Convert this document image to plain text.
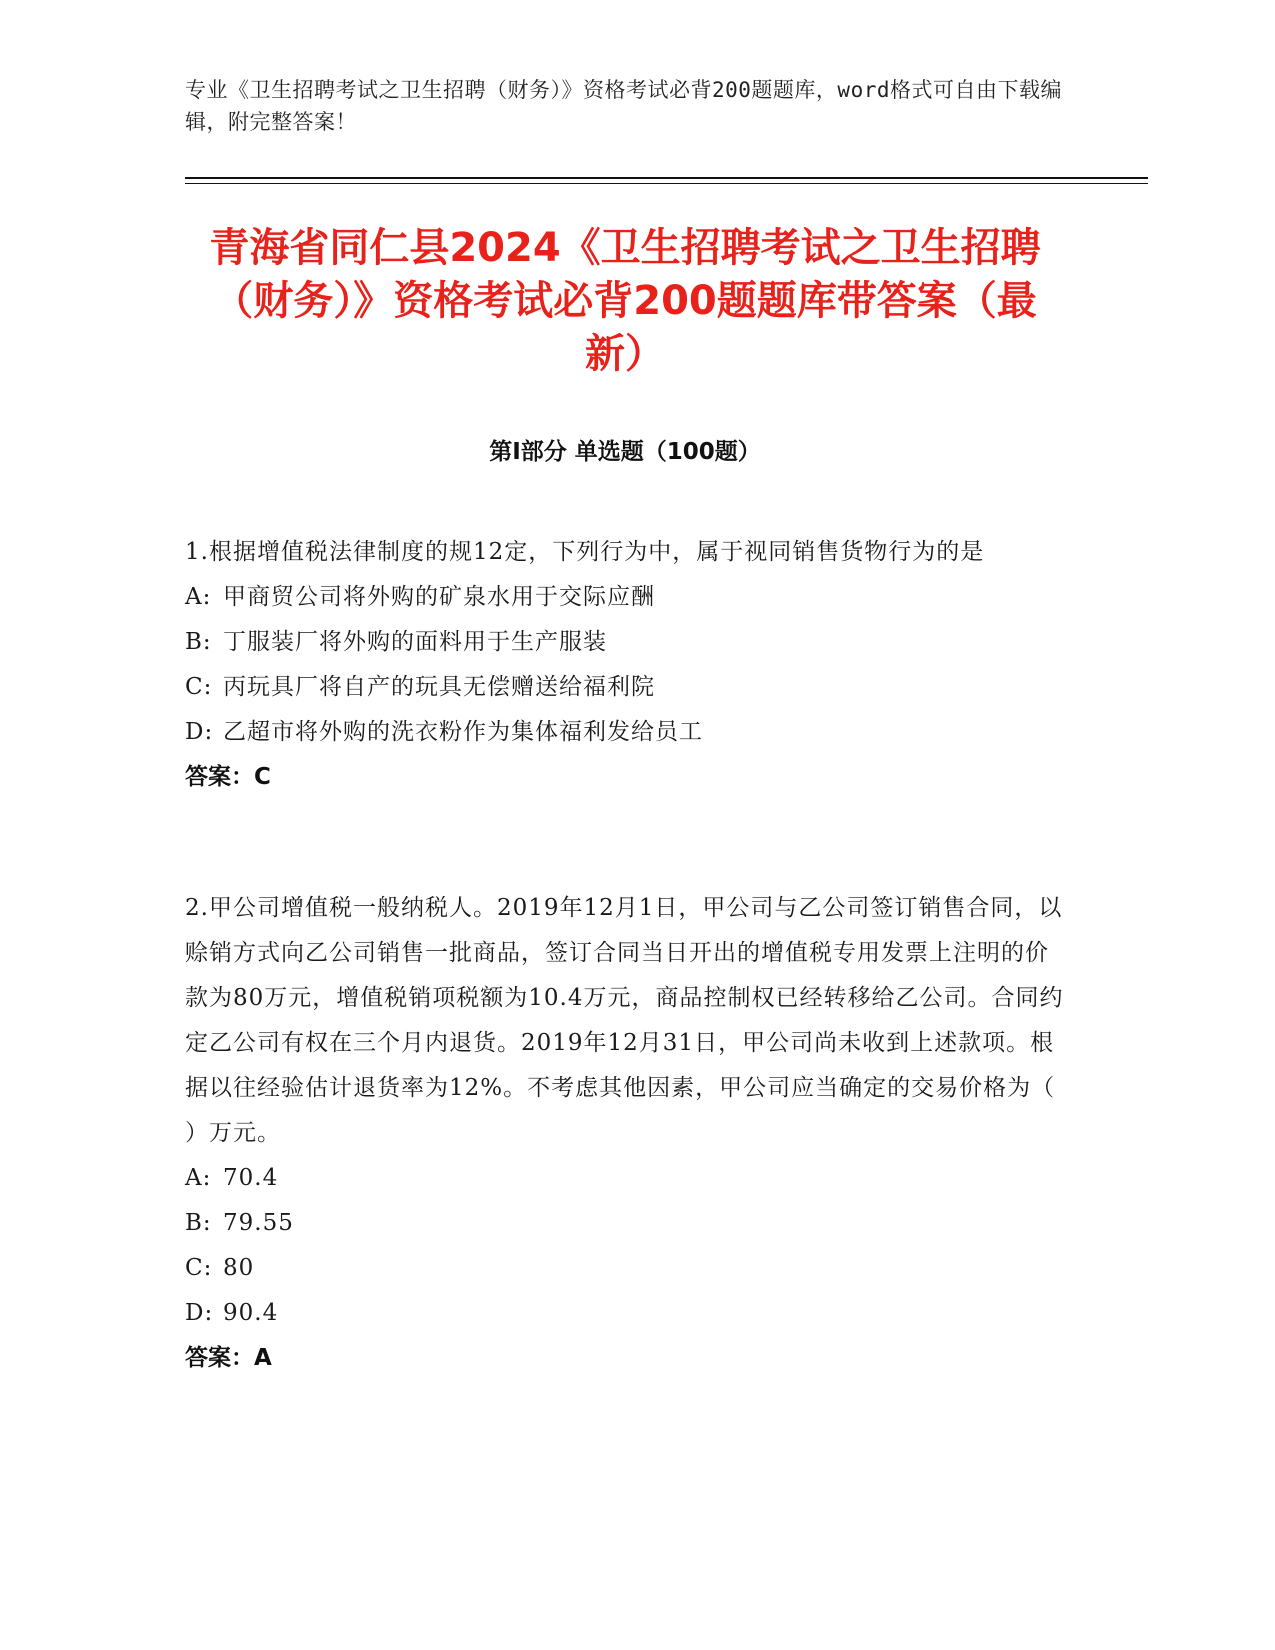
专业《卫生招聘考试之卫生招聘（财务）》资格考试必背200题题库，word格式可自由下载编辑，附完整答案！
青海省同仁县2024《卫生招聘考试之卫生招聘（财务）》资格考试必背200题题库带答案（最新）
第Ⅰ部分 单选题（100题）
1.根据增值税法律制度的规12定，下列行为中，属于视同销售货物行为的是
A: 甲商贸公司将外购的矿泉水用于交际应酬
B: 丁服装厂将外购的面料用于生产服装
C: 丙玩具厂将自产的玩具无偿赠送给福利院
D: 乙超市将外购的洗衣粉作为集体福利发给员工
答案：C
2.甲公司增值税一般纳税人。2019年12月1日，甲公司与乙公司签订销售合同，以赊销方式向乙公司销售一批商品，签订合同当日开出的增值税专用发票上注明的价款为80万元，增值税销项税额为10.4万元，商品控制权已经转移给乙公司。合同约定乙公司有权在三个月内退货。2019年12月31日，甲公司尚未收到上述款项。根据以往经验估计退货率为12%。不考虑其他因素，甲公司应当确定的交易价格为（ ）万元。
A: 70.4
B: 79.55
C: 80
D: 90.4
答案：A
